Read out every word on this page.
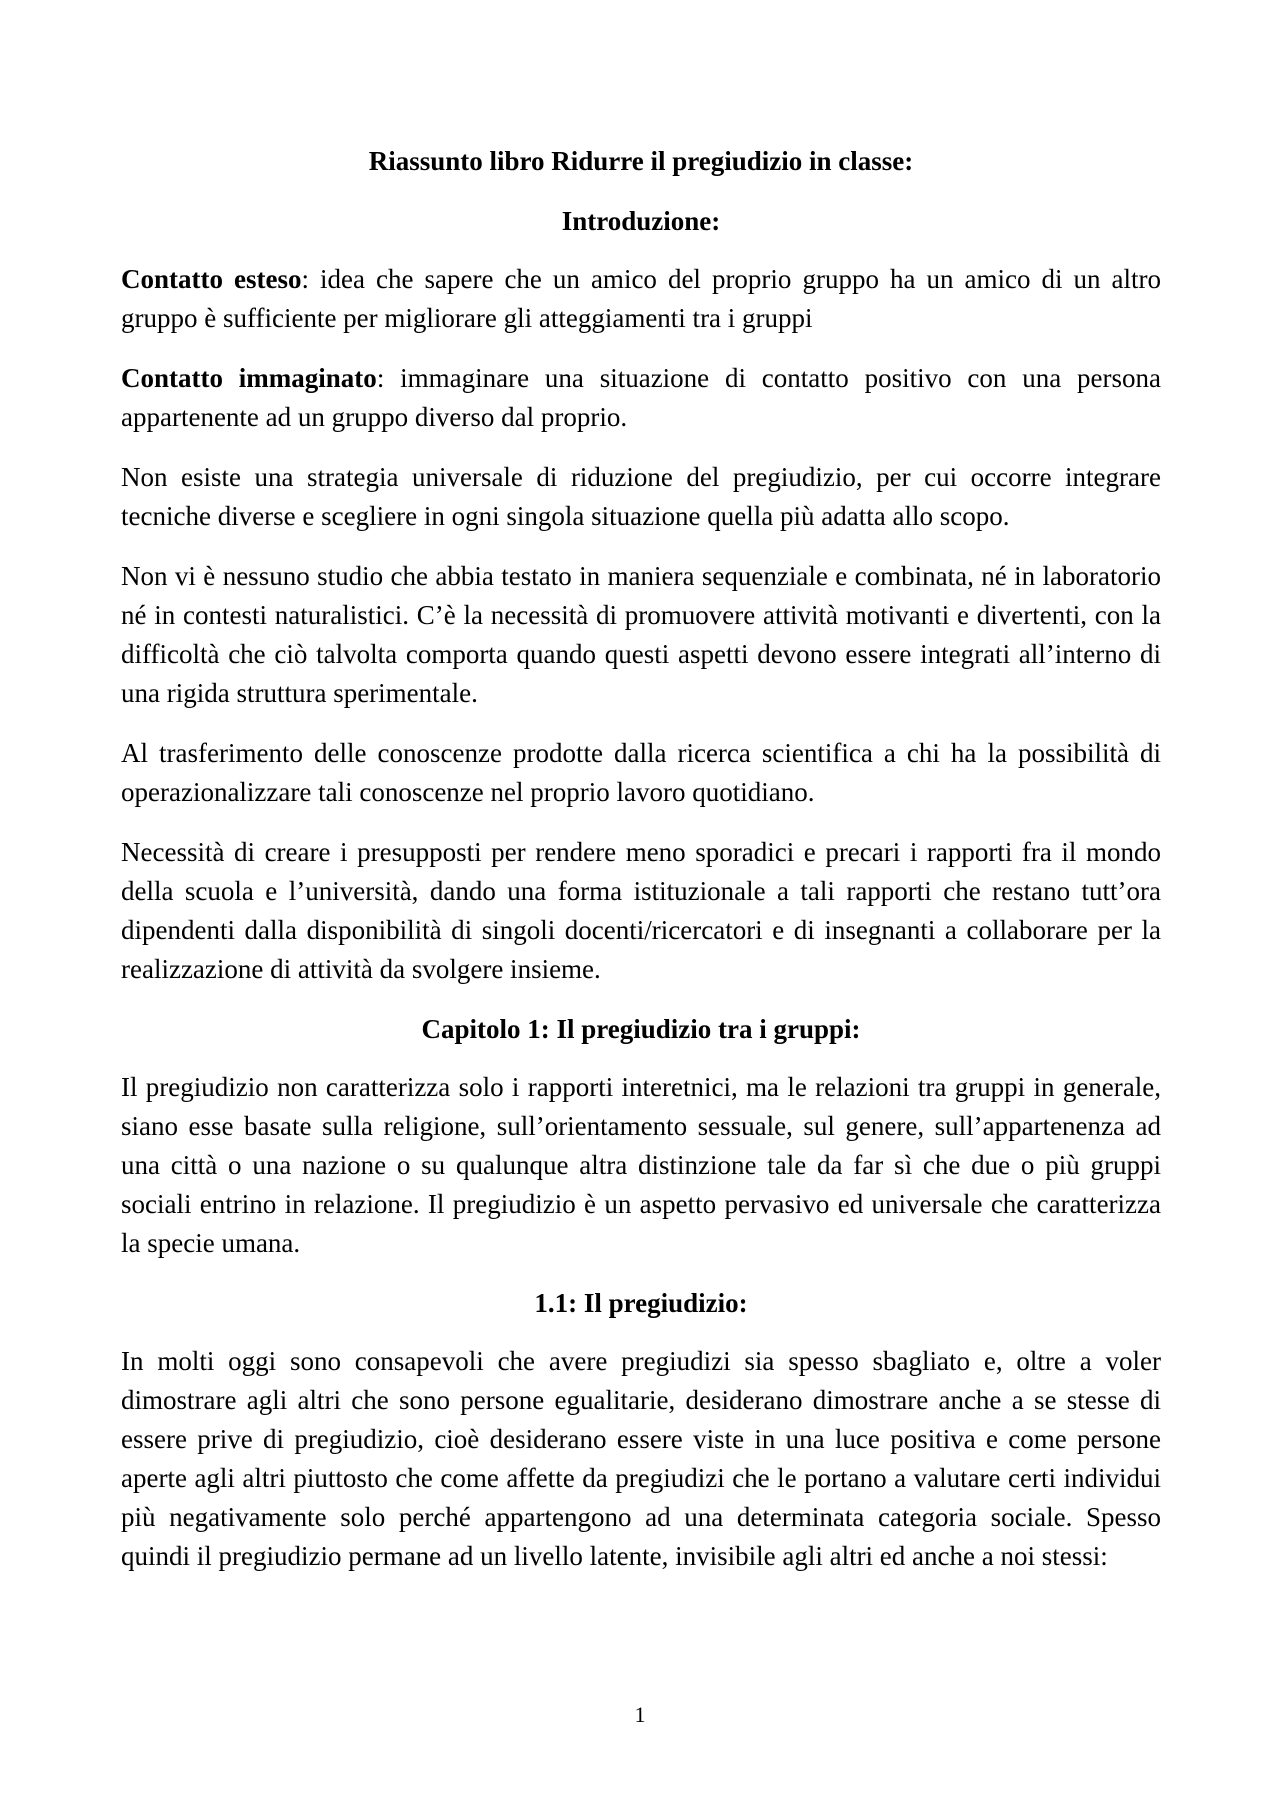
Riassunto libro Ridurre il pregiudizio in classe:
Introduzione:

Contatto esteso: idea che sapere che un amico del proprio gruppo ha un amico di un altro gruppo è sufficiente per migliorare gli atteggiamenti tra i gruppi

Contatto immaginato: immaginare una situazione di contatto positivo con una persona appartenente ad un gruppo diverso dal proprio.

Non esiste una strategia universale di riduzione del pregiudizio, per cui occorre integrare tecniche diverse e scegliere in ogni singola situazione quella più adatta allo scopo.

Non vi è nessuno studio che abbia testato in maniera sequenziale e combinata, né in laboratorio né in contesti naturalistici. C’è la necessità di promuovere attività motivanti e divertenti, con la difficoltà che ciò talvolta comporta quando questi aspetti devono essere integrati all’interno di una rigida struttura sperimentale.

Al trasferimento delle conoscenze prodotte dalla ricerca scientifica a chi ha la possibilità di operazionalizzare tali conoscenze nel proprio lavoro quotidiano.

Necessità di creare i presupposti per rendere meno sporadici e precari i rapporti fra il mondo della scuola e l’università, dando una forma istituzionale a tali rapporti che restano tutt’ora dipendenti dalla disponibilità di singoli docenti/ricercatori e di insegnanti a collaborare per la realizzazione di attività da svolgere insieme.

Capitolo 1: Il pregiudizio tra i gruppi:

Il pregiudizio non caratterizza solo i rapporti interetnici, ma le relazioni tra gruppi in generale, siano esse basate sulla religione, sull’orientamento sessuale, sul genere, sull’appartenenza ad una città o una nazione o su qualunque altra distinzione tale da far sì che due o più gruppi sociali entrino in relazione. Il pregiudizio è un aspetto pervasivo ed universale che caratterizza la specie umana.

1.1: Il pregiudizio:

In molti oggi sono consapevoli che avere pregiudizi sia spesso sbagliato e, oltre a voler dimostrare agli altri che sono persone egualitarie, desiderano dimostrare anche a se stesse di essere prive di pregiudizio, cioè desiderano essere viste in una luce positiva e come persone aperte agli altri piuttosto che come affette da pregiudizi che le portano a valutare certi individui più negativamente solo perché appartengono ad una determinata categoria sociale. Spesso quindi il pregiudizio permane ad un livello latente, invisibile agli altri ed anche a noi stessi:

1
